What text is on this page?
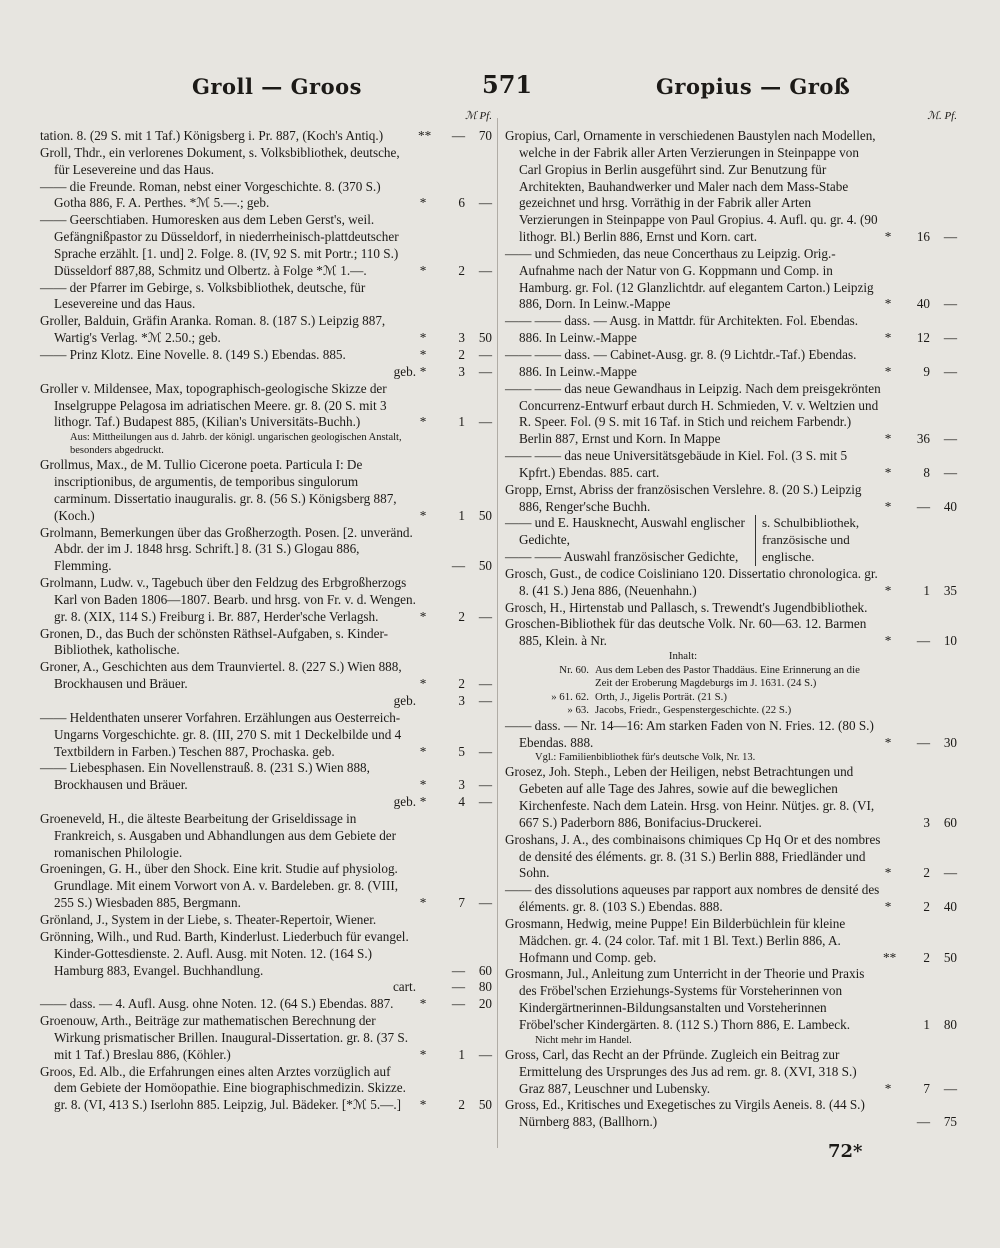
Groll — Groos	571	Gropius — Groß
ℳ Pf.
tation. 8. (29 S. mit 1 Taf.) Königsberg i. Pr. 887, (Koch's Antiq.)	**	—	70
Groll, Thdr., ein verlorenes Dokument, s. Volksbibliothek, deutsche, für Lesevereine und das Haus.
—— die Freunde. Roman, nebst einer Vorgeschichte. 8. (370 S.) Gotha 886, F. A. Perthes. *ℳ 5.—.; geb.	*	6	—
—— Geerschtiaben. Humoresken aus dem Leben Gerst's, weil. Gefängnißpastor zu Düsseldorf, in niederrheinisch-plattdeutscher Sprache erzählt. [1. und] 2. Folge. 8. (IV, 92 S. mit Portr.; 110 S.) Düsseldorf 887,88, Schmitz und Olbertz. à Folge *ℳ 1.—.	*	2	—
—— der Pfarrer im Gebirge, s. Volksbibliothek, deutsche, für Lesevereine und das Haus.
Groller, Balduin, Gräfin Aranka. Roman. 8. (187 S.) Leipzig 887, Wartig's Verlag. *ℳ 2.50.; geb.	*	3	50
—— Prinz Klotz. Eine Novelle. 8. (149 S.) Ebendas. 885.	*	2	—
geb. *	3	—
Groller v. Mildensee, Max, topographisch-geologische Skizze der Inselgruppe Pelagosa im adriatischen Meere. gr. 8. (20 S. mit 3 lithogr. Taf.) Budapest 885, (Kilian's Universitäts-Buchh.)	*	1	—
Aus: Mittheilungen aus d. Jahrb. der königl. ungarischen geologischen Anstalt, besonders abgedruckt.
Grollmus, Max., de M. Tullio Cicerone poeta. Particula I: De inscriptionibus, de argumentis, de temporibus singulorum carminum. Dissertatio inauguralis. gr. 8. (56 S.) Königsberg 887, (Koch.)	*	1	50
Grolmann, Bemerkungen über das Großherzogth. Posen. [2. unveränd. Abdr. der im J. 1848 hrsg. Schrift.] 8. (31 S.) Glogau 886, Flemming.	—	50
Grolmann, Ludw. v., Tagebuch über den Feldzug des Erbgroßherzogs Karl von Baden 1806—1807. Bearb. und hrsg. von Fr. v. d. Wengen. gr. 8. (XIX, 114 S.) Freiburg i. Br. 887, Herder'sche Verlagsh.	*	2	—
Gronen, D., das Buch der schönsten Räthsel-Aufgaben, s. Kinder-Bibliothek, katholische.
Groner, A., Geschichten aus dem Traunviertel. 8. (227 S.) Wien 888, Brockhausen und Bräuer.	*	2	—
geb.	3	—
—— Heldenthaten unserer Vorfahren. Erzählungen aus Oesterreich-Ungarns Vorgeschichte. gr. 8. (III, 270 S. mit 1 Deckelbilde und 4 Textbildern in Farben.) Teschen 887, Prochaska. geb.	*	5	—
—— Liebesphasen. Ein Novellenstrauß. 8. (231 S.) Wien 888, Brockhausen und Bräuer.	*	3	—
geb. *	4	—
Groeneveld, H., die älteste Bearbeitung der Griseldissage in Frankreich, s. Ausgaben und Abhandlungen aus dem Gebiete der romanischen Philologie.
Groeningen, G. H., über den Shock. Eine krit. Studie auf physiolog. Grundlage. Mit einem Vorwort von A. v. Bardeleben. gr. 8. (VIII, 255 S.) Wiesbaden 885, Bergmann.	*	7	—
Grönland, J., System in der Liebe, s. Theater-Repertoir, Wiener.
Grönning, Wilh., und Rud. Barth, Kinderlust. Liederbuch für evangel. Kinder-Gottesdienste. 2. Aufl. Ausg. mit Noten. 12. (164 S.) Hamburg 883, Evangel. Buchhandlung.	—	60
cart.	—	80
—— dass. — 4. Aufl. Ausg. ohne Noten. 12. (64 S.) Ebendas. 887.	*	—	20
Groenouw, Arth., Beiträge zur mathematischen Berechnung der Wirkung prismatischer Brillen. Inaugural-Dissertation. gr. 8. (37 S. mit 1 Taf.) Breslau 886, (Köhler.)	*	1	—
Groos, Ed. Alb., die Erfahrungen eines alten Arztes vorzüglich auf dem Gebiete der Homöopathie. Eine biographischmedizin. Skizze. gr. 8. (VI, 413 S.) Iserlohn 885. Leipzig, Jul. Bädeker. [*ℳ 5.—.]	*	2	50
ℳ. Pf.
Gropius, Carl, Ornamente in verschiedenen Baustylen nach Modellen, welche in der Fabrik aller Arten Verzierungen in Steinpappe von Carl Gropius in Berlin ausgeführt sind. Zur Benutzung für Architekten, Bauhandwerker und Maler nach dem Mass-Stabe gezeichnet und hrsg. Vorräthig in der Fabrik aller Arten Verzierungen in Steinpappe von Paul Gropius. 4. Aufl. qu. gr. 4. (90 lithogr. Bl.) Berlin 886, Ernst und Korn. cart.	*	16	—
—— und Schmieden, das neue Concerthaus zu Leipzig. Orig.-Aufnahme nach der Natur von G. Koppmann und Comp. in Hamburg. gr. Fol. (12 Glanzlichtdr. auf elegantem Carton.) Leipzig 886, Dorn. In Leinw.-Mappe	*	40	—
—— —— dass. — Ausg. in Mattdr. für Architekten. Fol. Ebendas. 886. In Leinw.-Mappe	*	12	—
—— —— dass. — Cabinet-Ausg. gr. 8. (9 Lichtdr.-Taf.) Ebendas. 886. In Leinw.-Mappe	*	9	—
—— —— das neue Gewandhaus in Leipzig. Nach dem preisgekrönten Concurrenz-Entwurf erbaut durch H. Schmieden, V. v. Weltzien und R. Speer. Fol. (9 S. mit 16 Taf. in Stich und reichem Farbendr.) Berlin 887, Ernst und Korn. In Mappe	*	36	—
—— —— das neue Universitätsgebäude in Kiel. Fol. (3 S. mit 5 Kpfrt.) Ebendas. 885. cart.	*	8	—
Gropp, Ernst, Abriss der französischen Verslehre. 8. (20 S.) Leipzig 886, Renger'sche Buchh.	*	—	40
—— und E. Hausknecht, Auswahl englischer Gedichte,
—— —— Auswahl französischer Gedichte,
s. Schulbibliothek, französische und englische.
Grosch, Gust., de codice Coisliniano 120. Dissertatio chronologica. gr. 8. (41 S.) Jena 886, (Neuenhahn.)	*	1	35
Grosch, H., Hirtenstab und Pallasch, s. Trewendt's Jugendbibliothek.
Groschen-Bibliothek für das deutsche Volk. Nr. 60—63. 12. Barmen 885, Klein. à Nr.	*	—	10
Inhalt:
Nr. 60. Aus dem Leben des Pastor Thaddäus. Eine Erinnerung an die Zeit der Eroberung Magdeburgs im J. 1631. (24 S.)
» 61. 62. Orth, J., Jigelis Porträt. (21 S.)
» 63. Jacobs, Friedr., Gespenstergeschichte. (22 S.)
—— dass. — Nr. 14—16: Am starken Faden von N. Fries. 12. (80 S.) Ebendas. 888.	*	—	30
Vgl.: Familienbibliothek für's deutsche Volk, Nr. 13.
Grosez, Joh. Steph., Leben der Heiligen, nebst Betrachtungen und Gebeten auf alle Tage des Jahres, sowie auf die beweglichen Kirchenfeste. Nach dem Latein. Hrsg. von Heinr. Nütjes. gr. 8. (VI, 667 S.) Paderborn 886, Bonifacius-Druckerei.	3	60
Groshans, J. A., des combinaisons chimiques Cp Hq Or et des nombres de densité des éléments. gr. 8. (31 S.) Berlin 888, Friedländer und Sohn.	*	2	—
—— des dissolutions aqueuses par rapport aux nombres de densité des éléments. gr. 8. (103 S.) Ebendas. 888.	*	2	40
Grosmann, Hedwig, meine Puppe! Ein Bilderbüchlein für kleine Mädchen. gr. 4. (24 color. Taf. mit 1 Bl. Text.) Berlin 886, A. Hofmann und Comp. geb.	**	2	50
Grosmann, Jul., Anleitung zum Unterricht in der Theorie und Praxis des Fröbel'schen Erziehungs-Systems für Vorsteherinnen von Kindergärtnerinnen-Bildungsanstalten und Vorsteherinnen Fröbel'scher Kindergärten. 8. (112 S.) Thorn 886, E. Lambeck.	1	80
Nicht mehr im Handel.
Gross, Carl, das Recht an der Pfründe. Zugleich ein Beitrag zur Ermittelung des Ursprunges des Jus ad rem. gr. 8. (XVI, 318 S.) Graz 887, Leuschner und Lubensky.	*	7	—
Gross, Ed., Kritisches und Exegetisches zu Virgils Aeneis. 8. (44 S.) Nürnberg 883, (Ballhorn.)	—	75
72*
